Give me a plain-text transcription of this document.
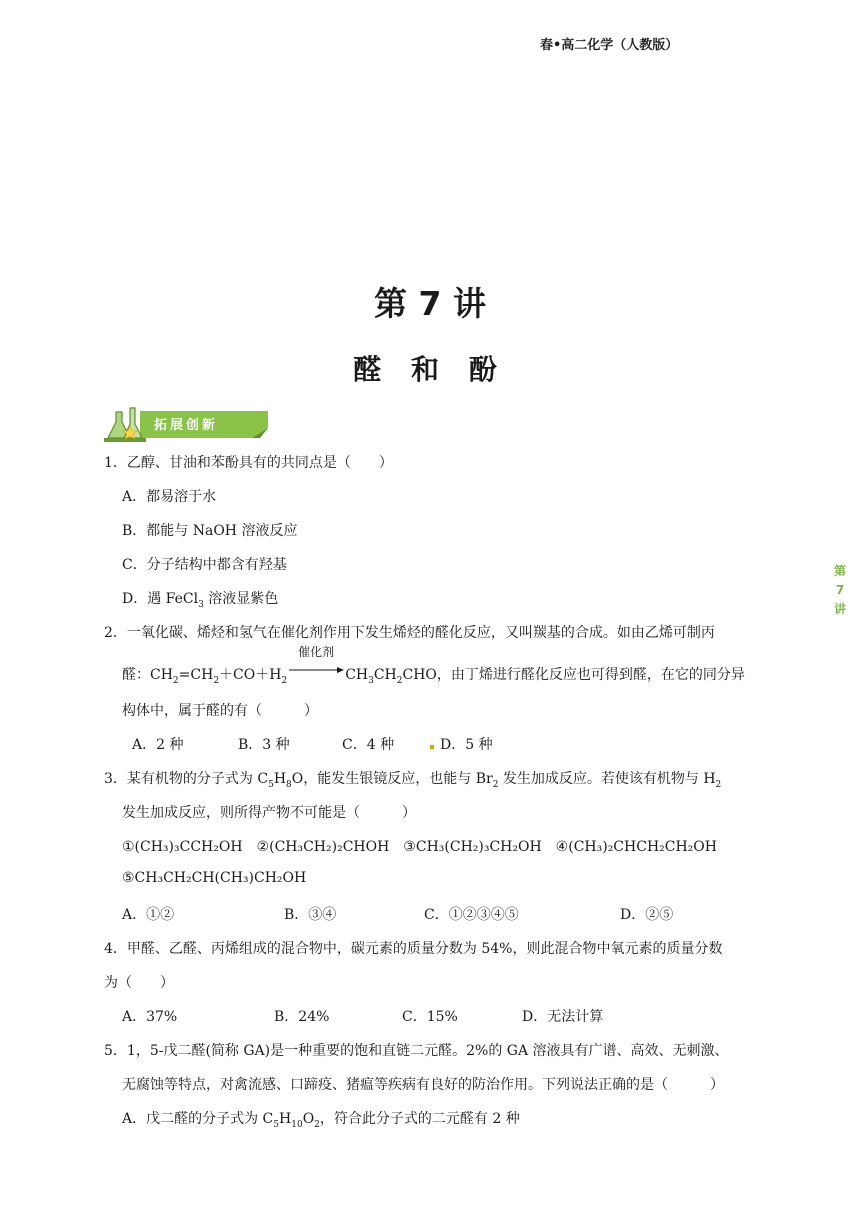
春•高二化学（人教版）
第 7 讲
醛 和 酚
拓展创新
第
7
讲
1．乙醇、甘油和苯酚具有的共同点是（　　）
A．都易溶于水
B．都能与 NaOH 溶液反应
C．分子结构中都含有羟基
D．遇 FeCl$_3$ 溶液显紫色
2．一氧化碳、烯烃和氢气在催化剂作用下发生烯烃的醛化反应，又叫羰基的合成。如由乙烯可制丙
醛：$CH_2=CH_2+CO+H_2$
催化剂
$CH_3CH_2CHO$，由丁烯进行醛化反应也可得到醛，在它的同分异
构体中，属于醛的有（　　　）
A．2 种	B．3 种	C．4 种	D．5 种
3．某有机物的分子式为 $C_5H_8O$，能发生银镜反应，也能与 $Br_2$ 发生加成反应。若使该有机物与 $H_2$
发生加成反应，则所得产物不可能是（　　　）
①(CH₃)₃CCH₂OH　②(CH₃CH₂)₂CHOH　③CH₃(CH₂)₃CH₂OH　④(CH₃)₂CHCH₂CH₂OH
⑤CH₃CH₂CH(CH₃)CH₂OH
A．①②	B．③④	C．①②③④⑤	D．②⑤
4．甲醛、乙醛、丙烯组成的混合物中，碳元素的质量分数为 54%，则此混合物中氧元素的质量分数
为（　　）
A．37%	B．24%	C．15%	D．无法计算
5．1，5-戊二醛(简称 GA)是一种重要的饱和直链二元醛。2%的 GA 溶液具有广谱、高效、无刺激、
无腐蚀等特点，对禽流感、口蹄疫、猪瘟等疾病有良好的防治作用。下列说法正确的是（　　　）
A．戊二醛的分子式为 $C_5H_{10}O_2$，符合此分子式的二元醛有 2 种
